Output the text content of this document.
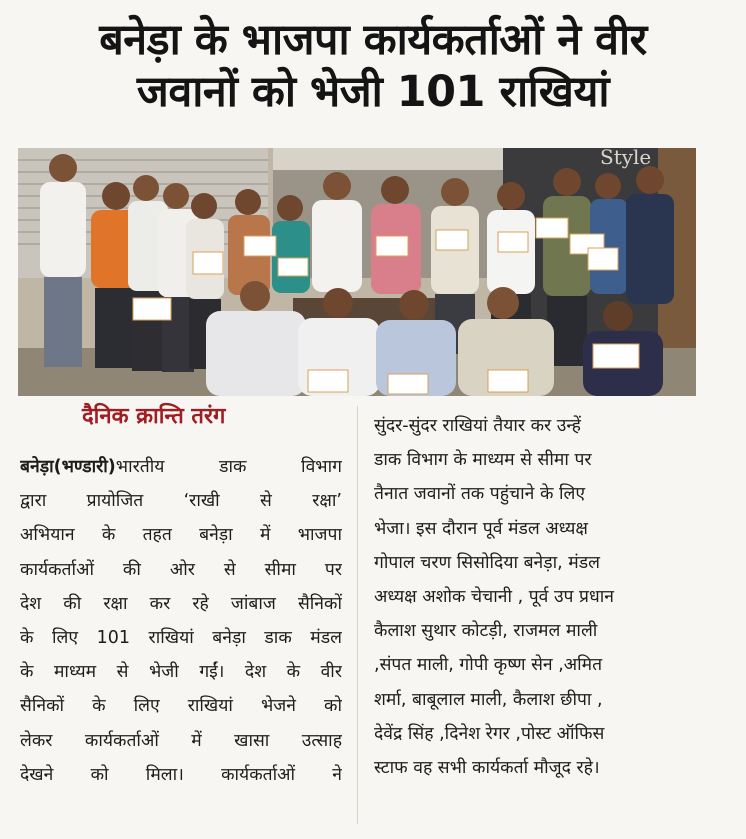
बनेड़ा के भाजपा कार्यकर्ताओं ने वीर
जवानों को भेजी 101 राखियां
Style
दैनिक क्रान्ति तरंग
बनेड़ा(भण्डारी)भारतीय डाक विभाग
द्वारा प्रायोजित ‘राखी से रक्षा’
अभियान के तहत बनेड़ा में भाजपा
कार्यकर्ताओं की ओर से सीमा पर
देश की रक्षा कर रहे जांबाज सैनिकों
के लिए 101 राखियां बनेड़ा डाक मंडल
के माध्यम से भेजी गईं। देश के वीर
सैनिकों के लिए राखियां भेजने को
लेकर कार्यकर्ताओं में खासा उत्साह
देखने को मिला। कार्यकर्ताओं ने
सुंदर-सुंदर राखियां तैयार कर उन्हें
डाक विभाग के माध्यम से सीमा पर
तैनात जवानों तक पहुंचाने के लिए
भेजा। इस दौरान पूर्व मंडल अध्यक्ष
गोपाल चरण सिसोदिया बनेड़ा, मंडल
अध्यक्ष अशोक चेचानी , पूर्व उप प्रधान
कैलाश सुथार कोटड़ी, राजमल माली
,संपत माली, गोपी कृष्ण सेन ,अमित
शर्मा, बाबूलाल माली, कैलाश छीपा ,
देवेंद्र सिंह ,दिनेश रेगर ,पोस्ट ऑफिस
स्टाफ वह सभी कार्यकर्ता मौजूद रहे।
